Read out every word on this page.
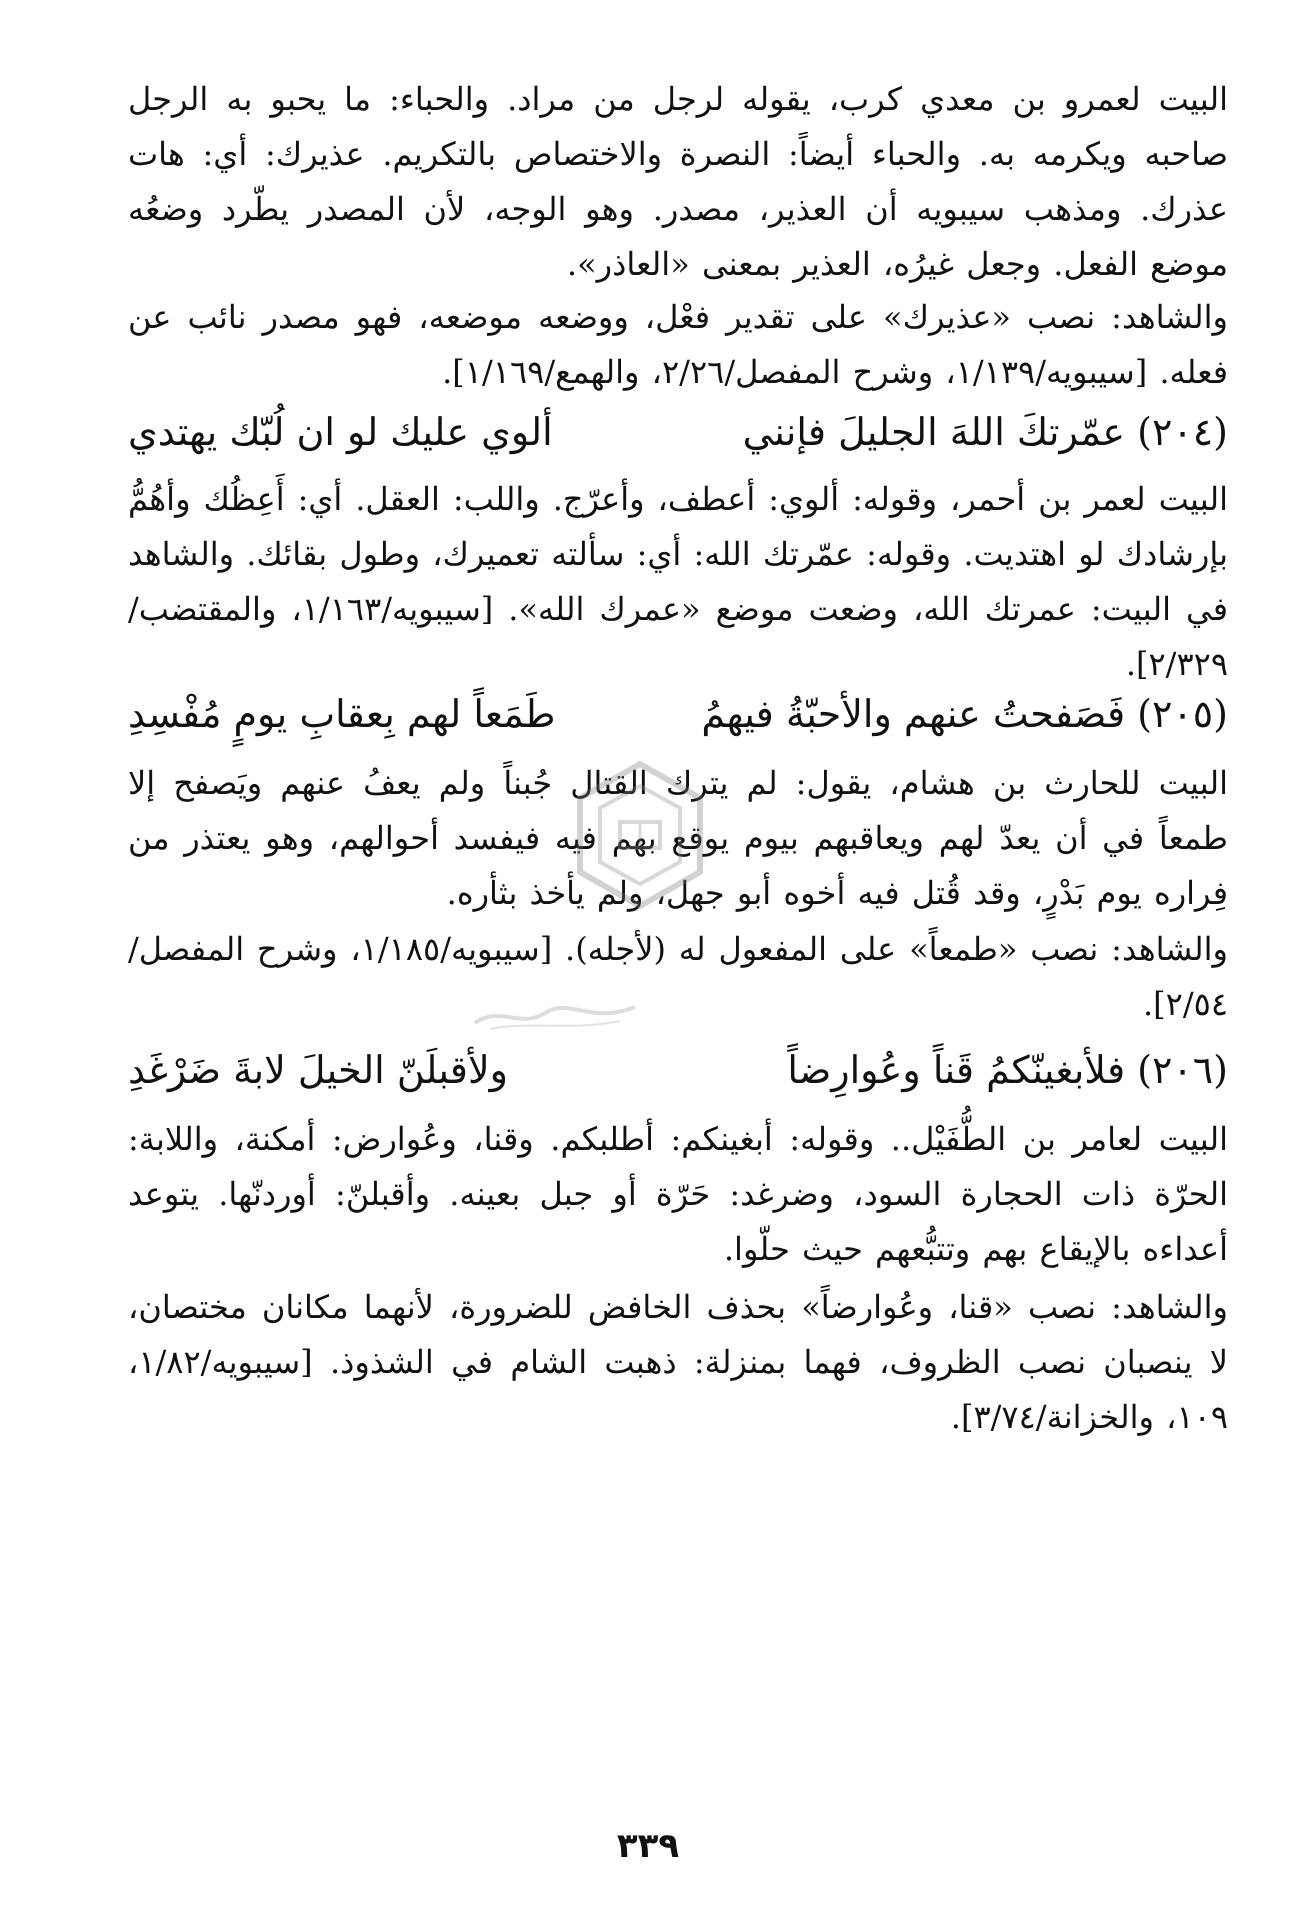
البيت لعمرو بن معدي كرب، يقوله لرجل من مراد. والحباء: ما يحبو به الرجل صاحبه ويكرمه به. والحباء أيضاً: النصرة والاختصاص بالتكريم. عذيرك: أي: هات عذرك. ومذهب سيبويه أن العذير، مصدر. وهو الوجه، لأن المصدر يطّرد وضعُه موضع الفعل. وجعل غيرُه، العذير بمعنى «العاذر».

والشاهد: نصب «عذيرك» على تقدير فعْل، ووضعه موضعه، فهو مصدر نائب عن فعله. [سيبويه/١/١٣٩، وشرح المفصل/٢/٢٦، والهمع/١/١٦٩].

(٢٠٤)
عمّرتكَ اللهَ الجليلَ فإنني
ألوي عليك لو ان لُبّك يهتدي

البيت لعمر بن أحمر، وقوله: ألوي: أعطف، وأعرّج. واللب: العقل. أي: أَعِظُك وأهُمُّ بإرشادك لو اهتديت. وقوله: عمّرتك الله: أي: سألته تعميرك، وطول بقائك. والشاهد في البيت: عمرتك الله، وضعت موضع «عمرك الله». [سيبويه/١/١٦٣، والمقتضب/٢/٣٢٩].

(٢٠٥)
فَصَفحتُ عنهم والأحبّةُ فيهمُ
طَمَعاً لهم بِعقابِ يومٍ مُفْسِدِ

البيت للحارث بن هشام، يقول: لم يترك القتال جُبناً ولم يعفُ عنهم ويَصفح إلا طمعاً في أن يعدّ لهم ويعاقبهم بيوم يوقع بهم فيه فيفسد أحوالهم، وهو يعتذر من فِراره يوم بَدْرٍ، وقد قُتل فيه أخوه أبو جهل، ولم يأخذ بثأره.

والشاهد: نصب «طمعاً» على المفعول له (لأجله). [سيبويه/١/١٨٥، وشرح المفصل/٢/٥٤].

(٢٠٦)
فلأبغينّكمُ قَناً وعُوارِضاً
ولأقبلَنّ الخيلَ لابةَ ضَرْغَدِ

البيت لعامر بن الطُّفَيْل.. وقوله: أبغينكم: أطلبكم. وقنا، وعُوارض: أمكنة، واللابة: الحرّة ذات الحجارة السود، وضرغد: حَرّة أو جبل بعينه. وأقبلنّ: أوردنّها. يتوعد أعداءه بالإيقاع بهم وتتبُّعهم حيث حلّوا.

والشاهد: نصب «قنا، وعُوارضاً» بحذف الخافض للضرورة، لأنهما مكانان مختصان، لا ينصبان نصب الظروف، فهما بمنزلة: ذهبت الشام في الشذوذ. [سيبويه/١/٨٢، ١٠٩، والخزانة/٣/٧٤].

٣٣٩
